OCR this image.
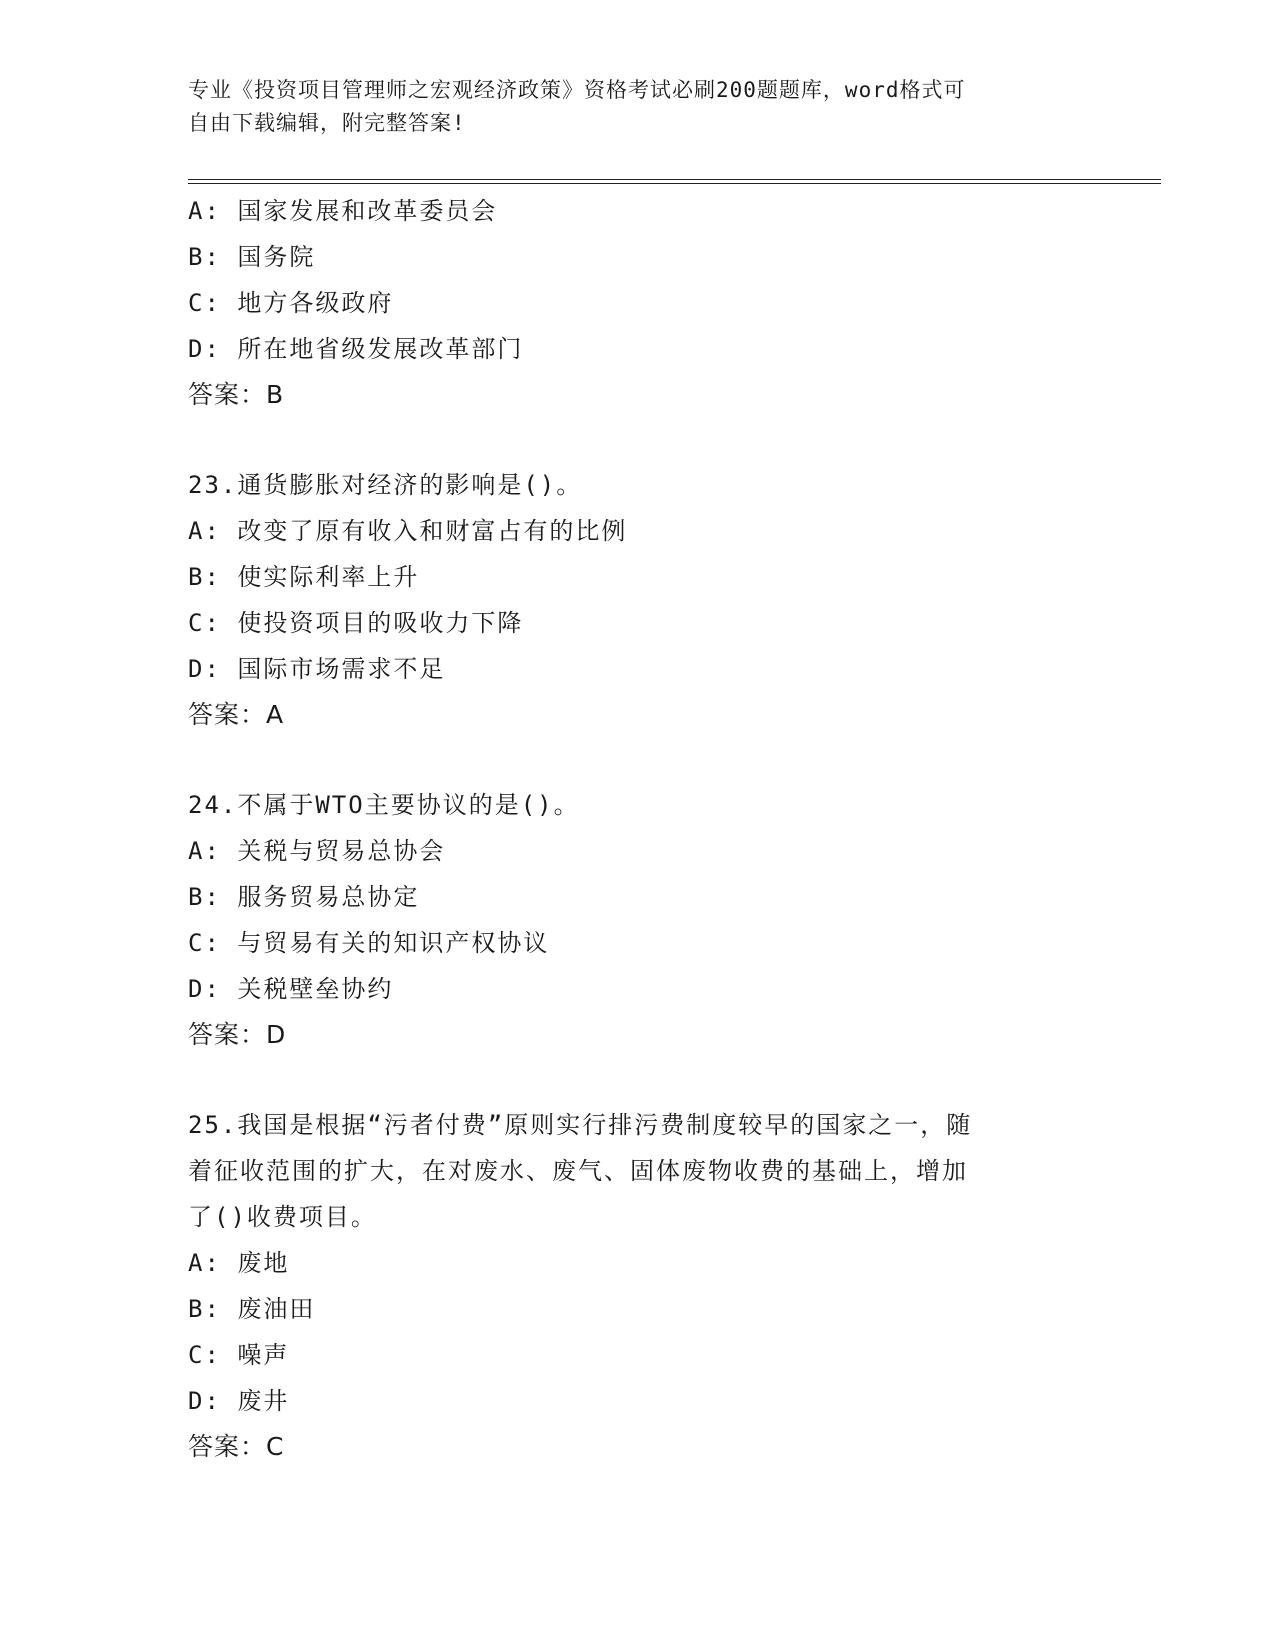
专业《投资项目管理师之宏观经济政策》资格考试必刷200题题库，word格式可
自由下载编辑，附完整答案!
A: 国家发展和改革委员会
B: 国务院
C: 地方各级政府
D: 所在地省级发展改革部门
答案：B
23.通货膨胀对经济的影响是()。
A: 改变了原有收入和财富占有的比例
B: 使实际利率上升
C: 使投资项目的吸收力下降
D: 国际市场需求不足
答案：A
24.不属于WTO主要协议的是()。
A: 关税与贸易总协会
B: 服务贸易总协定
C: 与贸易有关的知识产权协议
D: 关税壁垒协约
答案：D
25.我国是根据“污者付费”原则实行排污费制度较早的国家之一，随
着征收范围的扩大，在对废水、废气、固体废物收费的基础上，增加
了()收费项目。
A: 废地
B: 废油田
C: 噪声
D: 废井
答案：C
